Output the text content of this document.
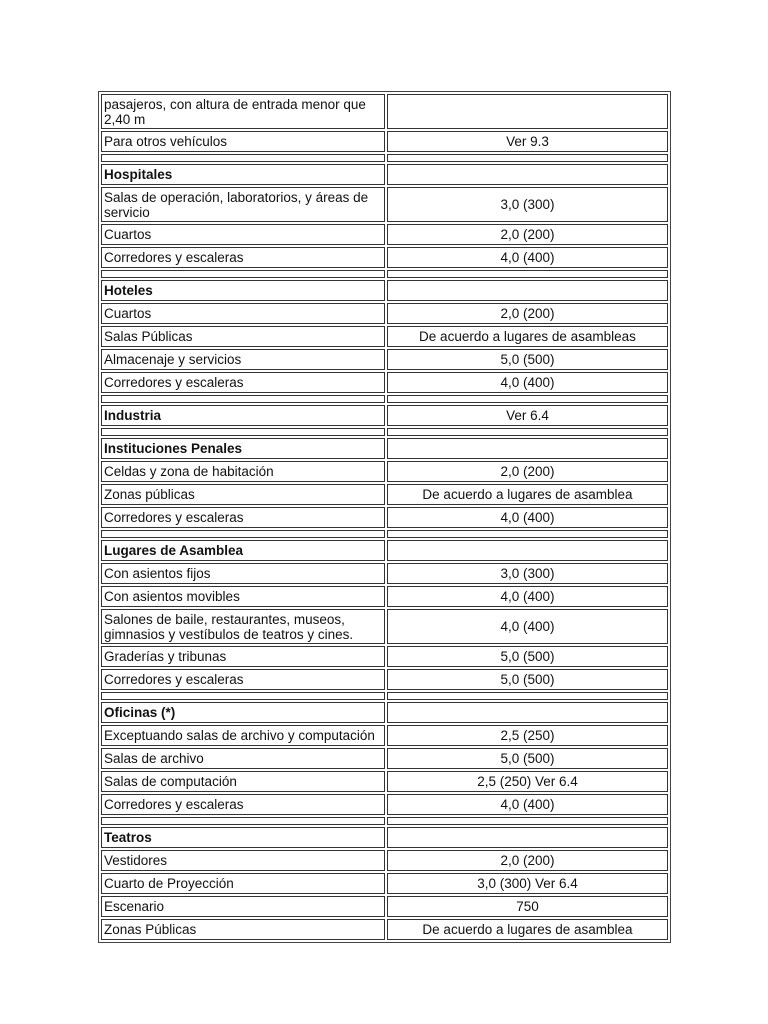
pasajeros, con altura de entrada menor que 2,40 m	
Para otros vehículos	Ver 9.3

Hospitales	
Salas de operación, laboratorios, y áreas de servicio	3,0 (300)
Cuartos	2,0 (200)
Corredores y escaleras	4,0 (400)

Hoteles	
Cuartos	2,0 (200)
Salas Públicas	De acuerdo a lugares de asambleas
Almacenaje y servicios	5,0 (500)
Corredores y escaleras	4,0 (400)

Industria	Ver 6.4

Instituciones Penales	
Celdas y zona de habitación	2,0 (200)
Zonas públicas	De acuerdo a lugares de asamblea
Corredores y escaleras	4,0 (400)

Lugares de Asamblea	
Con asientos fijos	3,0 (300)
Con asientos movibles	4,0 (400)
Salones de baile, restaurantes, museos, gimnasios y vestíbulos de teatros y cines.	4,0 (400)
Graderías y tribunas	5,0 (500)
Corredores y escaleras	5,0 (500)

Oficinas (*)	
Exceptuando salas de archivo y computación	2,5 (250)
Salas de archivo	5,0 (500)
Salas de computación	2,5 (250) Ver 6.4
Corredores y escaleras	4,0 (400)

Teatros	
Vestidores	2,0 (200)
Cuarto de Proyección	3,0 (300) Ver 6.4
Escenario	750
Zonas Públicas	De acuerdo a lugares de asamblea
